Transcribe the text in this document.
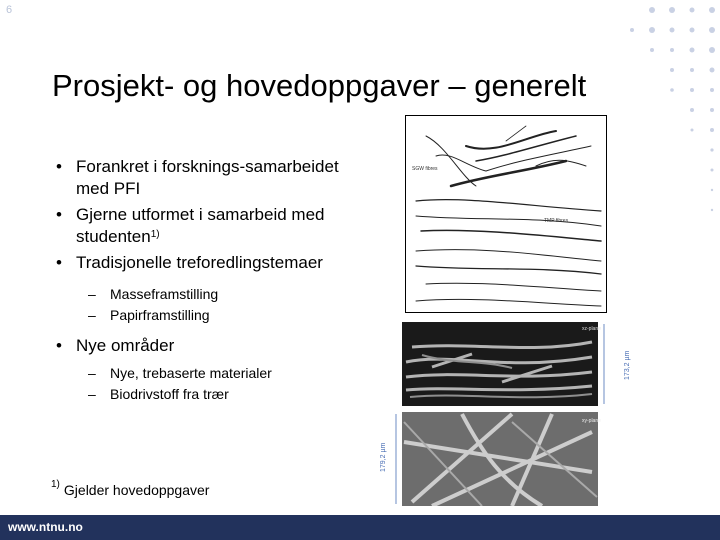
6
Prosjekt- og hovedoppgaver – generelt
• Forankret i forsknings-samarbeidet med PFI
• Gjerne utformet i samarbeid med studenten$^{1)}$
• Tradisjonelle treforedlingstemaer
– Masseframstilling
– Papirframstilling
• Nye områder
– Nye, trebaserte materialer
– Biodrivstoff fra trær
$^{1)}$ Gjelder hovedoppgaver
SGW fibres
TMP fibres
xz-plane
xy-plane
173,2 µm
179,2 µm
www.ntnu.no
